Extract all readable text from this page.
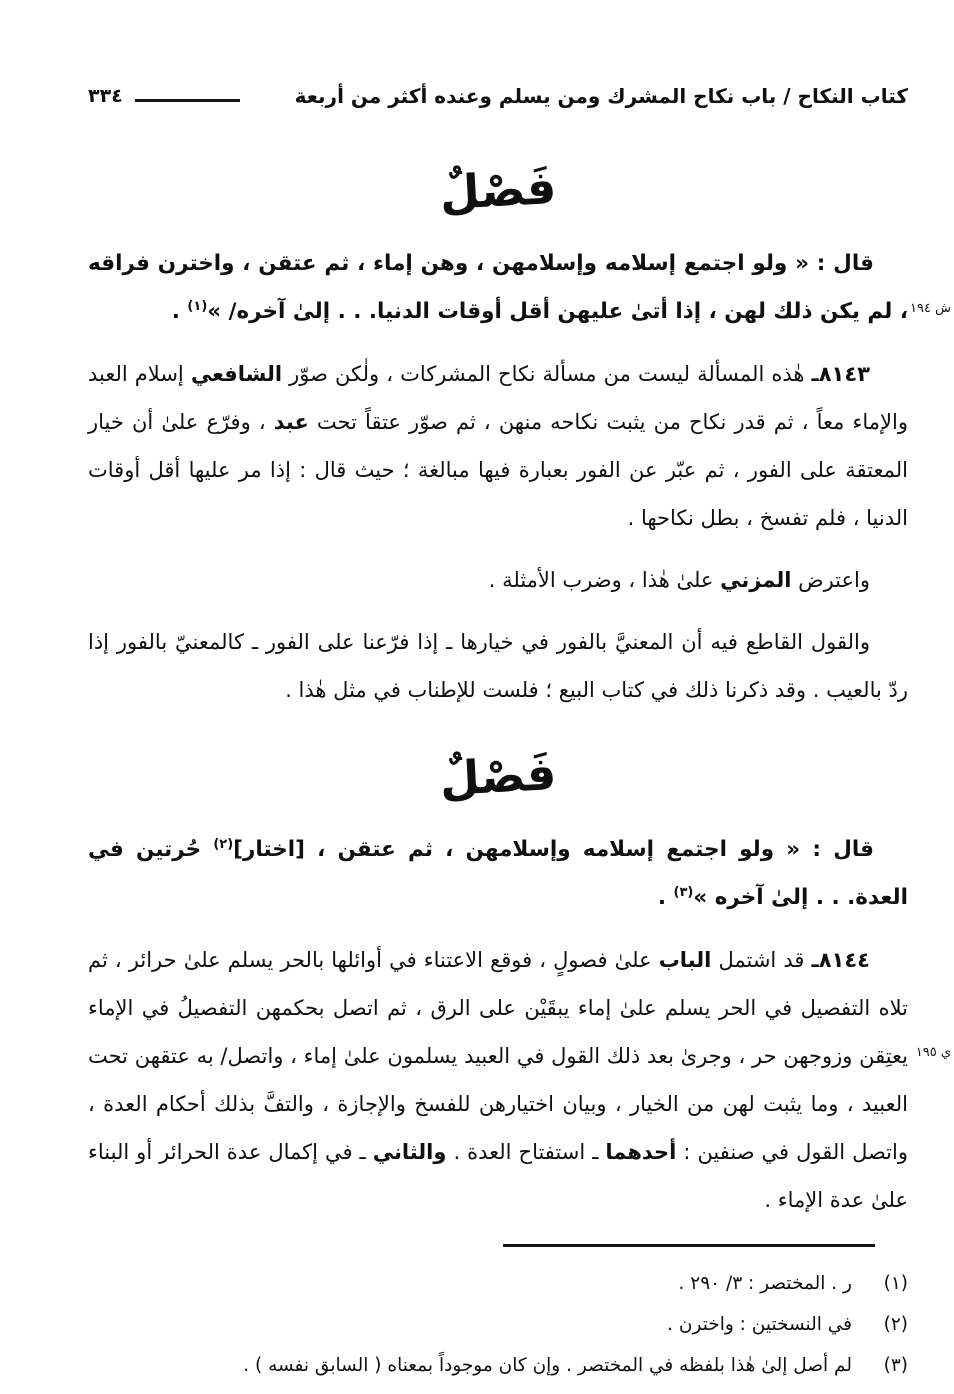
كتاب النكاح / باب نكاح المشرك ومن يسلم وعنده أكثر من أربعة
٣٣٤
فَصْلٌ

قال : « ولو اجتمع إسلامه وإسلامهن ، وهن إماء ، ثم عتقن ، واخترن فراقه ، لم يكن ذلك لهن ، إذا أتىٰ عليهن أقل أوقات الدنيا. . . إلىٰ آخره/ »$^{(١)}$ .

٨١٤٣ـ هٰذه المسألة ليست من مسألة نكاح المشركات ، ولٰكن صوّر الشافعي إسلام العبد والإماء معاً ، ثم قدر نكاح من يثبت نكاحه منهن ، ثم صوّر عتقاً تحت عبد ، وفرّع علىٰ أن خيار المعتقة على الفور ، ثم عبّر عن الفور بعبارة فيها مبالغة ؛ حيث قال : إذا مر عليها أقل أوقات الدنيا ، فلم تفسخ ، بطل نكاحها .

واعترض المزني علىٰ هٰذا ، وضرب الأمثلة .

والقول القاطع فيه أن المعنيَّ بالفور في خيارها ـ إذا فرّعنا على الفور ـ كالمعنيّ بالفور إذا ردّ بالعيب . وقد ذكرنا ذلك في كتاب البيع ؛ فلست للإطناب في مثل هٰذا .

فَصْلٌ

قال : « ولو اجتمع إسلامه وإسلامهن ، ثم عتقن ، [اختار]$^{(٢)}$ حُرتين في العدة. . . إلىٰ آخره »$^{(٣)}$ .

٨١٤٤ـ قد اشتمل الباب علىٰ فصولٍ ، فوقع الاعتناء في أوائلها بالحر يسلم علىٰ حرائر ، ثم تلاه التفصيل في الحر يسلم علىٰ إماء يبقَيْن على الرق ، ثم اتصل بحكمهن التفصيلُ في الإماء يعتِقن وزوجهن حر ، وجرىٰ بعد ذلك القول في العبيد يسلمون علىٰ إماء ، واتصل/ به عتقهن تحت العبيد ، وما يثبت لهن من الخيار ، وبيان اختيارهن للفسخ والإجازة ، والتفَّ بذلك أحكام العدة ، واتصل القول في صنفين : أحدهما ـ استفتاح العدة . والثاني ـ في إكمال عدة الحرائر أو البناء علىٰ عدة الإماء .

ش ١٩٤
ي ١٩٥
(١)
ر . المختصر : ٣/ ٢٩٠ .
(٢)
في النسختين : واخترن .
(٣)
لم أصل إلىٰ هٰذا بلفظه في المختصر . وإن كان موجوداً بمعناه ( السابق نفسه ) .
